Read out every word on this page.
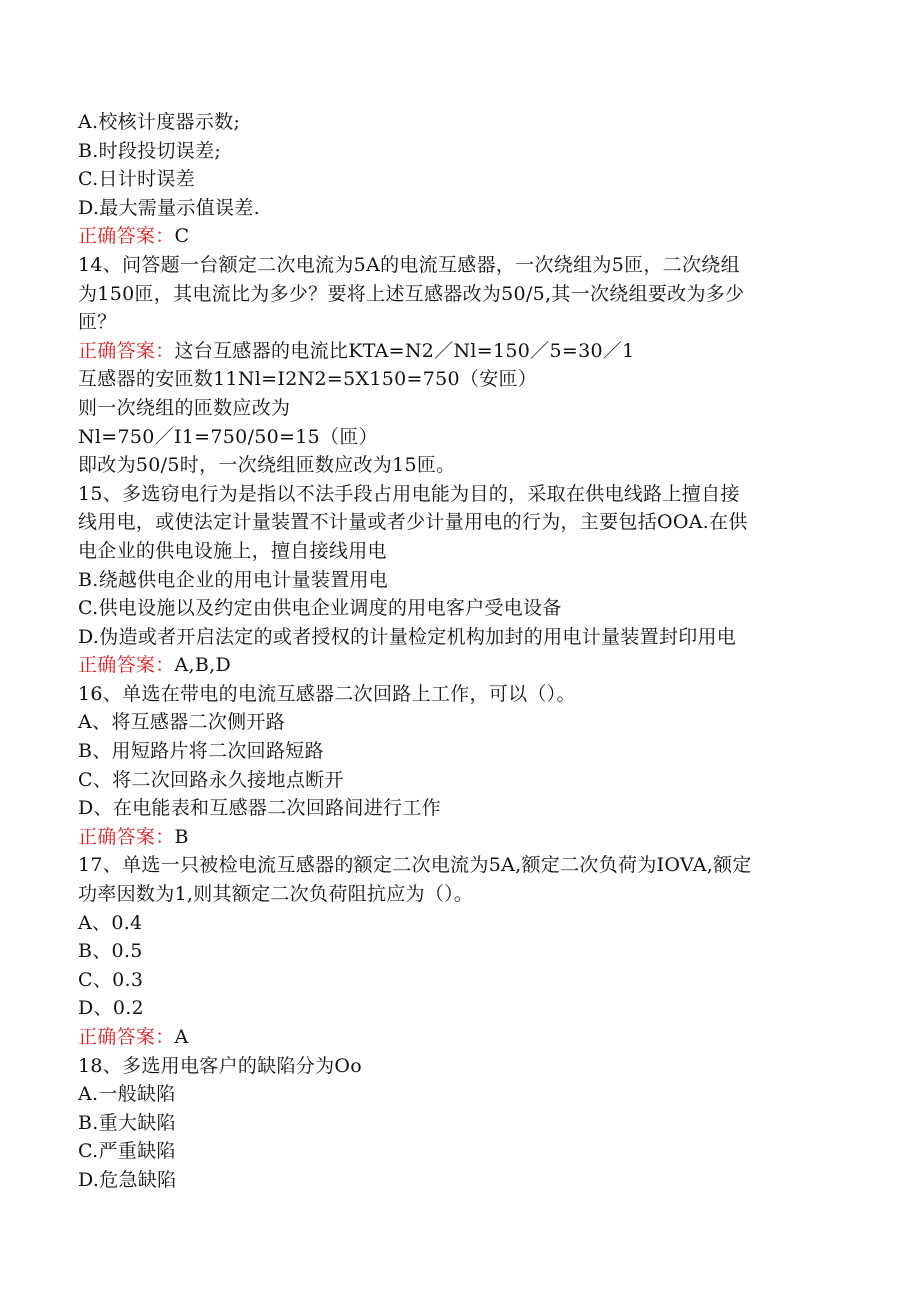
A.校核计度器示数;
B.时段投切误差;
C.日计时误差
D.最大需量示值误差.
正确答案：C
14、问答题一台额定二次电流为5A的电流互感器，一次绕组为5匝，二次绕组
为150匝，其电流比为多少？要将上述互感器改为50/5,其一次绕组要改为多少
匝？
正确答案：这台互感器的电流比KTA=N2／Nl=150／5=30／1
互感器的安匝数11Nl=I2N2=5X150=750（安匝）
则一次绕组的匝数应改为
Nl=750／I1=750/50=15（匝）
即改为50/5时，一次绕组匝数应改为15匝。
15、多选窃电行为是指以不法手段占用电能为目的，采取在供电线路上擅自接
线用电，或使法定计量装置不计量或者少计量用电的行为，主要包括OOA.在供
电企业的供电设施上，擅自接线用电
B.绕越供电企业的用电计量装置用电
C.供电设施以及约定由供电企业调度的用电客户受电设备
D.伪造或者开启法定的或者授权的计量检定机构加封的用电计量装置封印用电
正确答案：A,B,D
16、单选在带电的电流互感器二次回路上工作，可以（）。
A、将互感器二次侧开路
B、用短路片将二次回路短路
C、将二次回路永久接地点断开
D、在电能表和互感器二次回路间进行工作
正确答案：B
17、单选一只被检电流互感器的额定二次电流为5A,额定二次负荷为IOVA,额定
功率因数为1,则其额定二次负荷阻抗应为（）。
A、0.4
B、0.5
C、0.3
D、0.2
正确答案：A
18、多选用电客户的缺陷分为Oo
A.一般缺陷
B.重大缺陷
C.严重缺陷
D.危急缺陷
